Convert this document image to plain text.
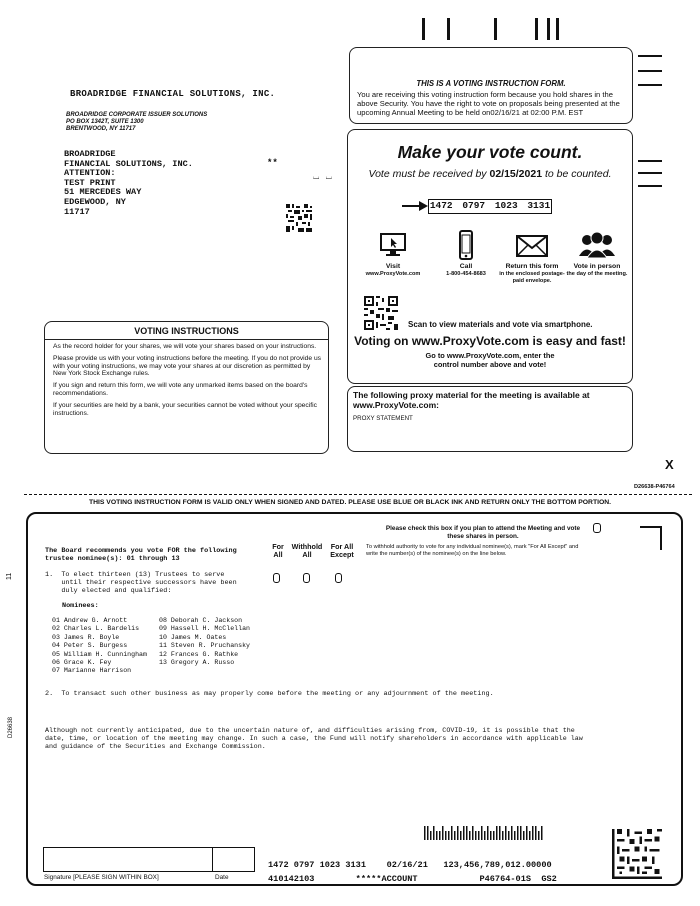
BROADRIDGE FINANCIAL SOLUTIONS, INC.
BROADRIDGE CORPORATE ISSUER SOLUTIONS
PO BOX 1342T, SUITE 1300
BRENTWOOD, NY 11717
BROADRIDGE
FINANCIAL SOLUTIONS, INC.
ATTENTION:
TEST PRINT
51 MERCEDES WAY
EDGEWOOD, NY
11717
**
⌴ ⌴
THIS IS A VOTING INSTRUCTION FORM.
You are receiving this voting instruction form because you hold shares in the above Security. You have the right to vote on proposals being presented at the upcoming Annual Meeting to be held on02/16/21 at 02:00 P.M. EST
Make your vote count.
Vote must be received by 02/15/2021 to be counted.
1472 0797 1023 3131
Visit
www.ProxyVote.com
Call
1-800-454-8683
Return this form
in the enclosed postage-paid envelope.
Vote in person
the day of the meeting.
Scan to view materials and vote via smartphone.
Voting on www.ProxyVote.com is easy and fast!
Go to www.ProxyVote.com, enter the
control number above and vote!
The following proxy material for the meeting is available at www.ProxyVote.com:
PROXY STATEMENT
VOTING INSTRUCTIONS

As the record holder for your shares, we will vote your shares based on your instructions.

Please provide us with your voting instructions before the meeting. If you do not provide us with your voting instructions, we may vote your shares at our discretion as permitted by New York Stock Exchange rules.

If you sign and return this form, we will vote any unmarked items based on the board's recommendations.

If your securities are held by a bank, your securities cannot be voted without your specific instructions.

X
D26638-P46764
THIS VOTING INSTRUCTION FORM IS VALID ONLY WHEN SIGNED AND DATED. PLEASE USE BLUE OR BLACK INK AND RETURN ONLY THE BOTTOM PORTION.
11
D26638
Please check this box if you plan to attend the Meeting and vote these shares in person.
To withhold authority to vote for any individual nominee(s), mark "For All Except" and write the number(s) of the nominee(s) on the line below.
For
All
Withhold
All
For All
Except
The Board recommends you vote FOR the following
trustee nominee(s): 01 through 13
1.  To elect thirteen (13) Trustees to serve
until their respective successors have been
duly elected and qualified:
Nominees:
01 Andrew G. Arnott
02 Charles L. Bardelis
03 James R. Boyle
04 Peter S. Burgess
05 William H. Cunningham
06 Grace K. Fey
07 Marianne Harrison
08 Deborah C. Jackson
09 Hassell H. McClellan
10 James M. Oates
11 Steven R. Pruchansky
12 Frances G. Rathke
13 Gregory A. Russo
2.  To transact such other business as may properly come before the meeting or any adjournment of the meeting.
Although not currently anticipated, due to the uncertain nature of, and difficulties arising from, COVID-19, it is possible that the date, time, or location of the meeting may change. In such a case, the Fund will notify shareholders in accordance with applicable law and guidance of the Securities and Exchange Commission.
Signature [PLEASE SIGN WITHIN BOX]	Date
1472 0797 1023 3131    02/16/21   123,456,789,012.00000
410142103        *****ACCOUNT            P46764-01S  GS2
